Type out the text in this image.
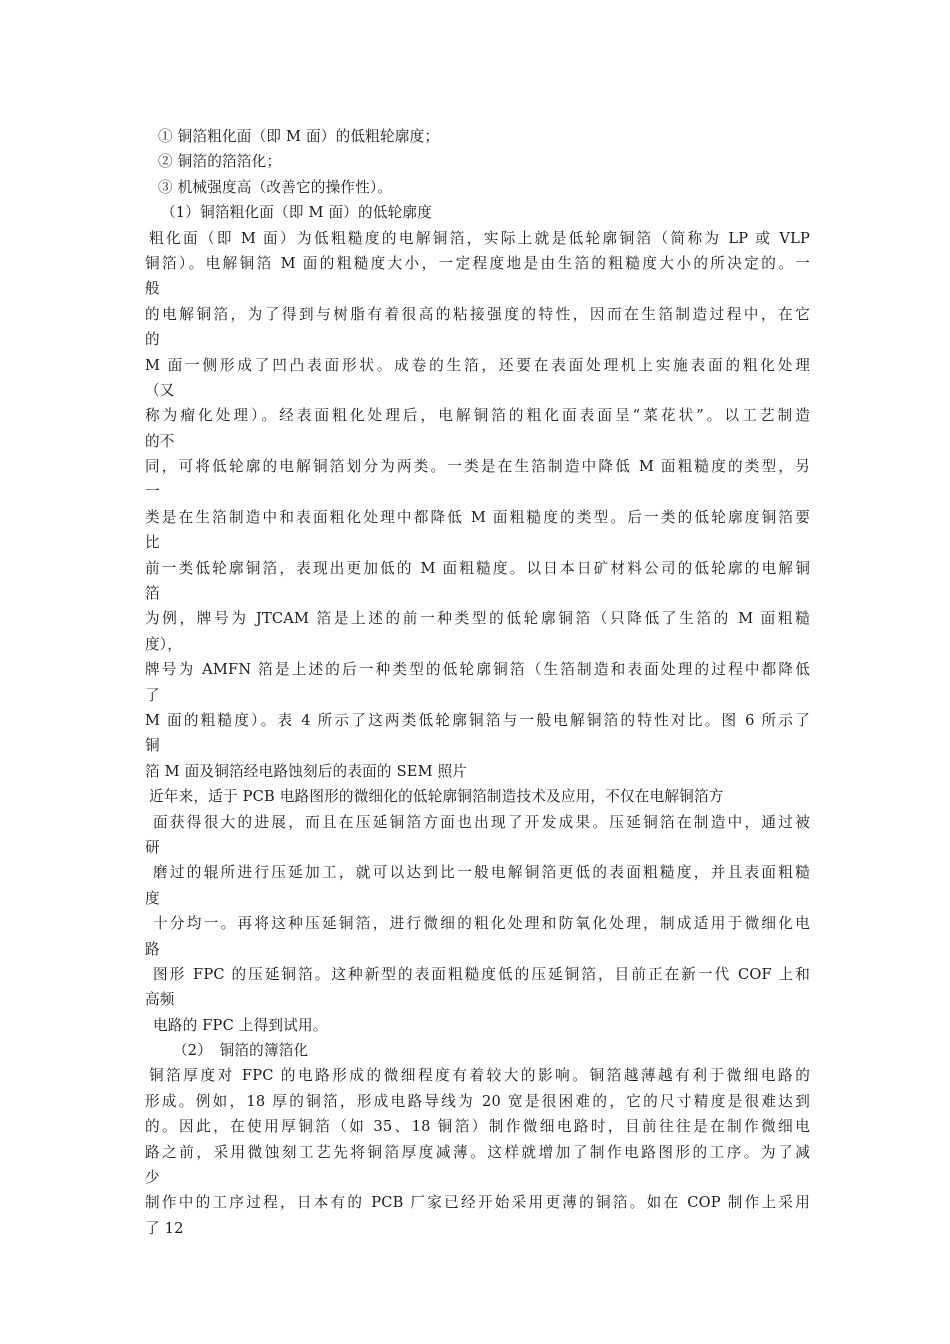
① 铜箔粗化面（即 M 面）的低粗轮廓度；
② 铜箔的箔箔化；
③ 机械强度高（改善它的操作性）。
（1）铜箔粗化面（即 M 面）的低轮廓度
粗化面（即 M 面）为低粗糙度的电解铜箔，实际上就是低轮廓铜箔（简称为 LP 或 VLP
铜箔）。电解铜箔 M 面的粗糙度大小，一定程度地是由生箔的粗糙度大小的所决定的。一
般
的电解铜箔，为了得到与树脂有着很高的粘接强度的特性，因而在生箔制造过程中，在它
的
M 面一侧形成了凹凸表面形状。成卷的生箔，还要在表面处理机上实施表面的粗化处理
（又
称为瘤化处理）。经表面粗化处理后，电解铜箔的粗化面表面呈“菜花状”。以工艺制造
的不
同，可将低轮廓的电解铜箔划分为两类。一类是在生箔制造中降低 M 面粗糙度的类型，另
一
类是在生箔制造中和表面粗化处理中都降低 M 面粗糙度的类型。后一类的低轮廓度铜箔要
比
前一类低轮廓铜箔，表现出更加低的 M 面粗糙度。以日本日矿材料公司的低轮廓的电解铜
箔
为例，牌号为 JTCAM 箔是上述的前一种类型的低轮廓铜箔（只降低了生箔的 M 面粗糙
度），
牌号为 AMFN 箔是上述的后一种类型的低轮廓铜箔（生箔制造和表面处理的过程中都降低
了
M 面的粗糙度）。表 4 所示了这两类低轮廓铜箔与一般电解铜箔的特性对比。图 6 所示了
铜
箔 M 面及铜箔经电路蚀刻后的表面的 SEM 照片
近年来，适于 PCB 电路图形的微细化的低轮廓铜箔制造技术及应用，不仅在电解铜箔方
面获得很大的进展，而且在压延铜箔方面也出现了开发成果。压延铜箔在制造中，通过被
研
磨过的辊所进行压延加工，就可以达到比一般电解铜箔更低的表面粗糙度，并且表面粗糙
度
十分均一。再将这种压延铜箔，进行微细的粗化处理和防氧化处理，制成适用于微细化电
路
图形 FPC 的压延铜箔。这种新型的表面粗糙度低的压延铜箔，目前正在新一代 COF 上和
高频
电路的 FPC 上得到试用。
（2）　铜箔的簿箔化
铜箔厚度对 FPC 的电路形成的微细程度有着较大的影响。铜箔越薄越有利于微细电路的
形成。例如，18 厚的铜箔，形成电路导线为 20 宽是很困难的，它的尺寸精度是很难达到
的。因此，在使用厚铜箔（如 35、18 铜箔）制作微细电路时，目前往往是在制作微细电
路之前，采用微蚀刻工艺先将铜箔厚度减薄。这样就增加了制作电路图形的工序。为了减
少
制作中的工序过程，日本有的 PCB 厂家已经开始采用更薄的铜箔。如在 COP 制作上采用
了 12
